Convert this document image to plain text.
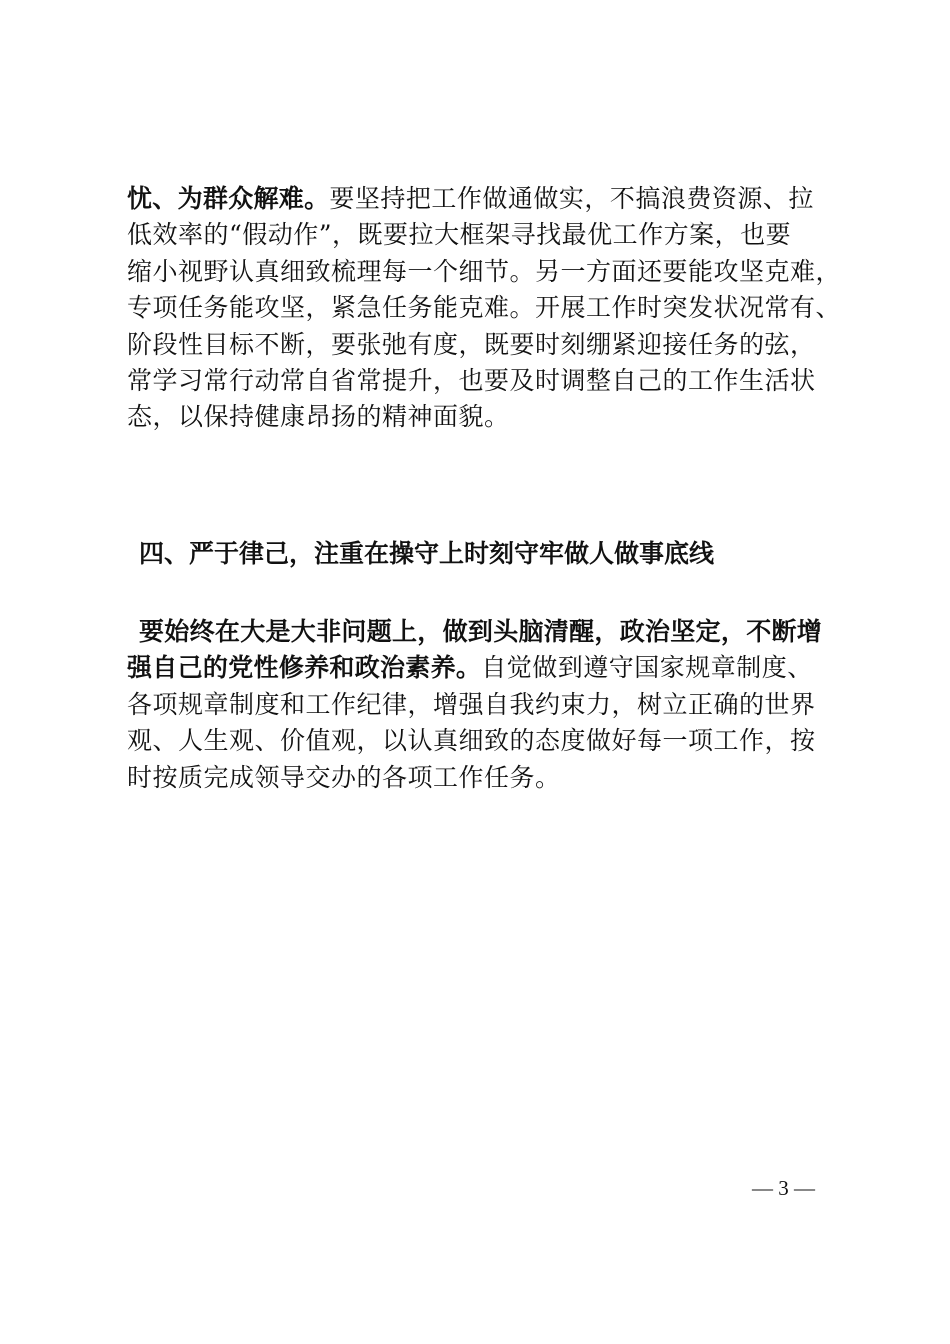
忧、为群众解难。要坚持把工作做通做实，不搞浪费资源、拉
低效率的“假动作”，既要拉大框架寻找最优工作方案，也要
缩小视野认真细致梳理每一个细节。另一方面还要能攻坚克难，
专项任务能攻坚，紧急任务能克难。开展工作时突发状况常有、
阶段性目标不断，要张弛有度，既要时刻绷紧迎接任务的弦，
常学习常行动常自省常提升，也要及时调整自己的工作生活状
态，以保持健康昂扬的精神面貌。
四、严于律己，注重在操守上时刻守牢做人做事底线
要始终在大是大非问题上，做到头脑清醒，政治坚定，不断增
强自己的党性修养和政治素养。自觉做到遵守国家规章制度、
各项规章制度和工作纪律，增强自我约束力，树立正确的世界
观、人生观、价值观，以认真细致的态度做好每一项工作，按
时按质完成领导交办的各项工作任务。
— 3 —
